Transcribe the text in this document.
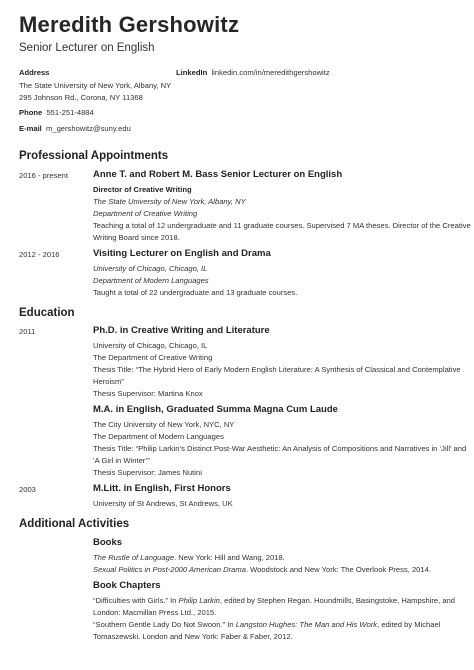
Meredith Gershowitz
Senior Lecturer on English
Address
The State University of New York, Albany, NY
295 Johnson Rd., Corona, NY 11368
Phone 551-251-4884
E-mail m_gershowitz@suny.edu
LinkedIn linkedin.com/in/meredithgershowitz
Professional Appointments
2016 - present	Anne T. and Robert M. Bass Senior Lecturer on English
Director of Creative Writing
The State University of New York, Albany, NY
Department of Creative Writing
Teaching a total of 12 undergraduate and 11 graduate courses. Supervised 7 MA theses. Director of the Creative
Writing Board since 2018.
2012 - 2016	Visiting Lecturer on English and Drama
University of Chicago, Chicago, IL
Department of Modern Languages
Taught a total of 22 undergraduate and 13 graduate courses.
Education
2011	Ph.D. in Creative Writing and Literature
University of Chicago, Chicago, IL
The Department of Creative Writing
Thesis Title: “The Hybrid Hero of Early Modern English Literature: A Synthesis of Classical and Contemplative
Heroism”
Thesis Supervisor: Martina Knox
M.A. in English, Graduated Summa Magna Cum Laude
The City University of New York, NYC, NY
The Department of Modern Languages
Thesis Title: “Philip Larkin’s Distinct Post-War Aesthetic: An Analysis of Compositions and Narratives in ‘Jill’ and
‘A Girl in Winter’”
Thesis Supervisor: James Nutini
2003	M.Litt. in English, First Honors
University of St Andrews, St Andrews, UK
Additional Activities
Books
The Rustle of Language. New York: Hill and Wang, 2018.
Sexual Politics in Post-2000 American Drama. Woodstock and New York: The Overlook Press, 2014.
Book Chapters
“Difficulties with Girls.” In Philip Larkin, edited by Stephen Regan. Houndmills, Basingstoke, Hampshire, and
London: Macmillan Press Ltd., 2015.
“Southern Gentle Lady Do Not Swoon.” In Langston Hughes: The Man and His Work, edited by Michael
Tomaszewski. London and New York: Faber & Faber, 2012.
